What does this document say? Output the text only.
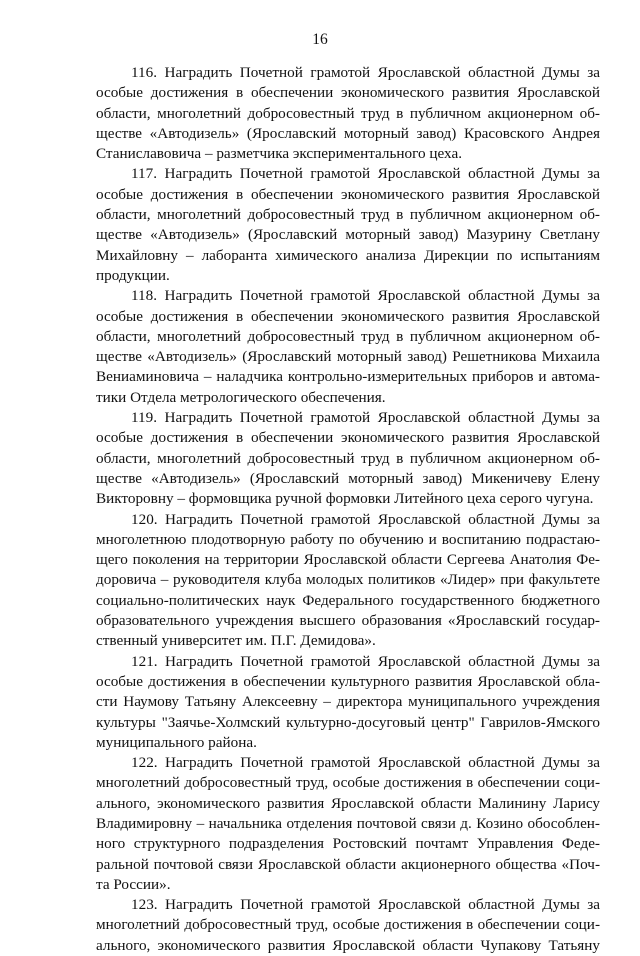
16
116. Наградить Почетной грамотой Ярославской областной Думы за
особые достижения в обеспечении экономического развития Ярославской
области, многолетний добросовестный труд в публичном акционерном об-
ществе «Автодизель» (Ярославский моторный завод) Красовского Андрея
Станиславовича – разметчика экспериментального цеха.
117. Наградить Почетной грамотой Ярославской областной Думы за
особые достижения в обеспечении экономического развития Ярославской
области, многолетний добросовестный труд в публичном акционерном об-
ществе «Автодизель» (Ярославский моторный завод) Мазурину Светлану
Михайловну – лаборанта химического анализа Дирекции по испытаниям
продукции.
118. Наградить Почетной грамотой Ярославской областной Думы за
особые достижения в обеспечении экономического развития Ярославской
области, многолетний добросовестный труд в публичном акционерном об-
ществе «Автодизель» (Ярославский моторный завод) Решетникова Михаила
Вениаминовича – наладчика контрольно-измерительных приборов и автома-
тики Отдела метрологического обеспечения.
119. Наградить Почетной грамотой Ярославской областной Думы за
особые достижения в обеспечении экономического развития Ярославской
области, многолетний добросовестный труд в публичном акционерном об-
ществе «Автодизель» (Ярославский моторный завод) Микеничеву Елену
Викторовну – формовщика ручной формовки Литейного цеха серого чугуна.
120. Наградить Почетной грамотой Ярославской областной Думы за
многолетнюю плодотворную работу по обучению и воспитанию подрастаю-
щего поколения на территории Ярославской области Сергеева Анатолия Фе-
доровича – руководителя клуба молодых политиков «Лидер» при факультете
социально-политических наук Федерального государственного бюджетного
образовательного учреждения высшего образования «Ярославский государ-
ственный университет им. П.Г. Демидова».
121. Наградить Почетной грамотой Ярославской областной Думы за
особые достижения в обеспечении культурного развития Ярославской обла-
сти Наумову Татьяну Алексеевну – директора муниципального учреждения
культуры "Заячье-Холмский культурно-досуговый центр" Гаврилов-Ямского
муниципального района.
122. Наградить Почетной грамотой Ярославской областной Думы за
многолетний добросовестный труд, особые достижения в обеспечении соци-
ального, экономического развития Ярославской области Малинину Ларису
Владимировну – начальника отделения почтовой связи д. Козино обособлен-
ного структурного подразделения Ростовский почтамт Управления Феде-
ральной почтовой связи Ярославской области акционерного общества «Поч-
та России».
123. Наградить Почетной грамотой Ярославской областной Думы за
многолетний добросовестный труд, особые достижения в обеспечении соци-
ального, экономического развития Ярославской области Чупакову Татьяну
